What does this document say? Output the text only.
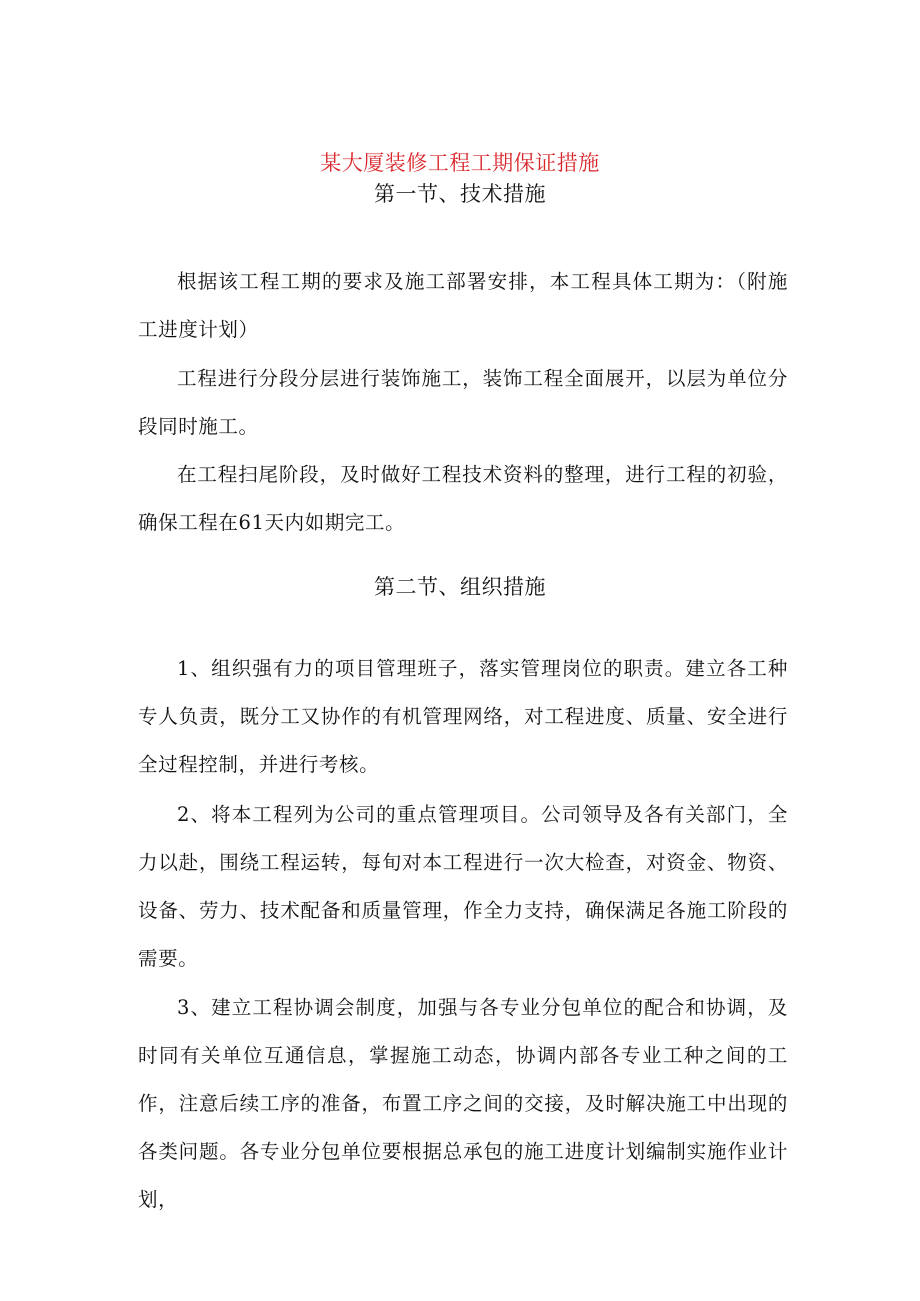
某大厦装修工程工期保证措施
第一节、技术措施

根据该工程工期的要求及施工部署安排，本工程具体工期为：（附施工进度计划）

工程进行分段分层进行装饰施工，装饰工程全面展开，以层为单位分段同时施工。

在工程扫尾阶段，及时做好工程技术资料的整理，进行工程的初验，确保工程在61天内如期完工。

第二节、组织措施

1、组织强有力的项目管理班子，落实管理岗位的职责。建立各工种专人负责，既分工又协作的有机管理网络，对工程进度、质量、安全进行全过程控制，并进行考核。

2、将本工程列为公司的重点管理项目。公司领导及各有关部门，全力以赴，围绕工程运转，每旬对本工程进行一次大检查，对资金、物资、设备、劳力、技术配备和质量管理，作全力支持，确保满足各施工阶段的需要。

3、建立工程协调会制度，加强与各专业分包单位的配合和协调，及时同有关单位互通信息，掌握施工动态，协调内部各专业工种之间的工作，注意后续工序的准备，布置工序之间的交接，及时解决施工中出现的各类问题。各专业分包单位要根据总承包的施工进度计划编制实施作业计划，
